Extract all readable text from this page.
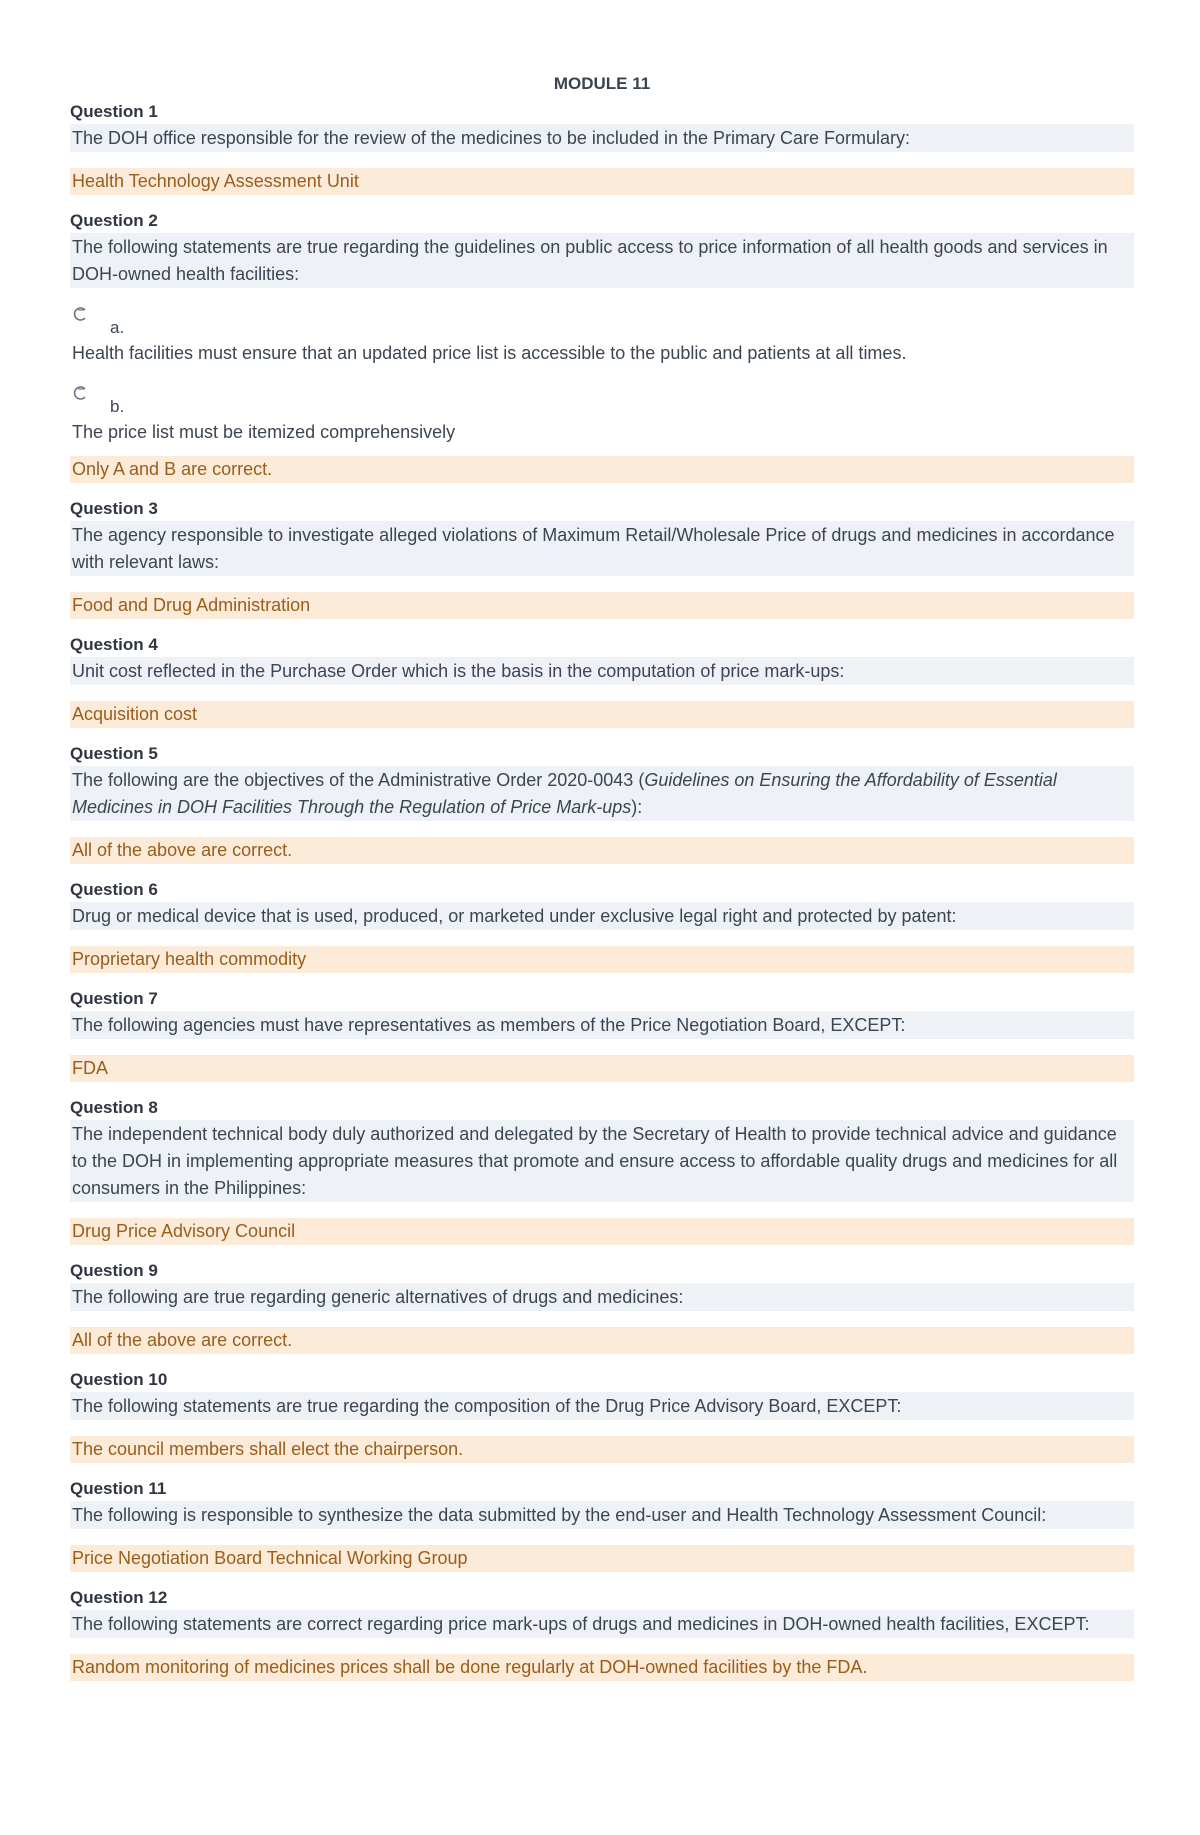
MODULE 11
Question 1
The DOH office responsible for the review of the medicines to be included in the Primary Care Formulary:
Health Technology Assessment Unit
Question 2
The following statements are true regarding the guidelines on public access to price information of all health goods and services in DOH-owned health facilities:
a.
Health facilities must ensure that an updated price list is accessible to the public and patients at all times.
b.
The price list must be itemized comprehensively
Only A and B are correct.
Question 3
The agency responsible to investigate alleged violations of Maximum Retail/Wholesale Price of drugs and medicines in accordance with relevant laws:
Food and Drug Administration
Question 4
Unit cost reflected in the Purchase Order which is the basis in the computation of price mark-ups:
Acquisition cost
Question 5
The following are the objectives of the Administrative Order 2020-0043 (Guidelines on Ensuring the Affordability of Essential Medicines in DOH Facilities Through the Regulation of Price Mark-ups):
All of the above are correct.
Question 6
Drug or medical device that is used, produced, or marketed under exclusive legal right and protected by patent:
Proprietary health commodity
Question 7
The following agencies must have representatives as members of the Price Negotiation Board, EXCEPT:
FDA
Question 8
The independent technical body duly authorized and delegated by the Secretary of Health to provide technical advice and guidance to the DOH in implementing appropriate measures that promote and ensure access to affordable quality drugs and medicines for all consumers in the Philippines:
Drug Price Advisory Council
Question 9
The following are true regarding generic alternatives of drugs and medicines:
All of the above are correct.
Question 10
The following statements are true regarding the composition of the Drug Price Advisory Board, EXCEPT:
The council members shall elect the chairperson.
Question 11
The following is responsible to synthesize the data submitted by the end-user and Health Technology Assessment Council:
Price Negotiation Board Technical Working Group
Question 12
The following statements are correct regarding price mark-ups of drugs and medicines in DOH-owned health facilities, EXCEPT:
Random monitoring of medicines prices shall be done regularly at DOH-owned facilities by the FDA.
